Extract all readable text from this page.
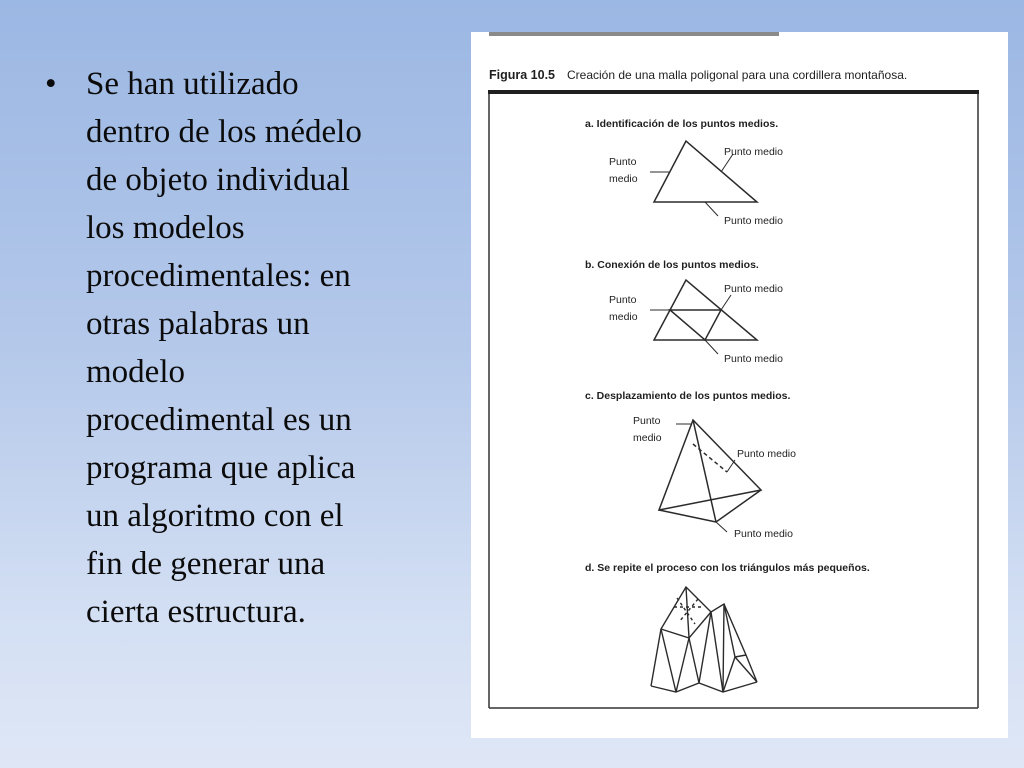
• Se han utilizado
dentro de los médelo
de objeto individual
los modelos
procedimentales: en
otras palabras un
modelo
procedimental es un
programa que aplica
un algoritmo con el
fin de generar una
cierta estructura.
Figura 10.5 Creación de una malla poligonal para una cordillera montañosa.
a. Identificación de los puntos medios.
Punto
medio
Punto medio
Punto medio
b. Conexión de los puntos medios.
Punto
medio
Punto medio
Punto medio
c. Desplazamiento de los puntos medios.
Punto
medio
Punto medio
Punto medio
d. Se repite el proceso con los triángulos más pequeños.
